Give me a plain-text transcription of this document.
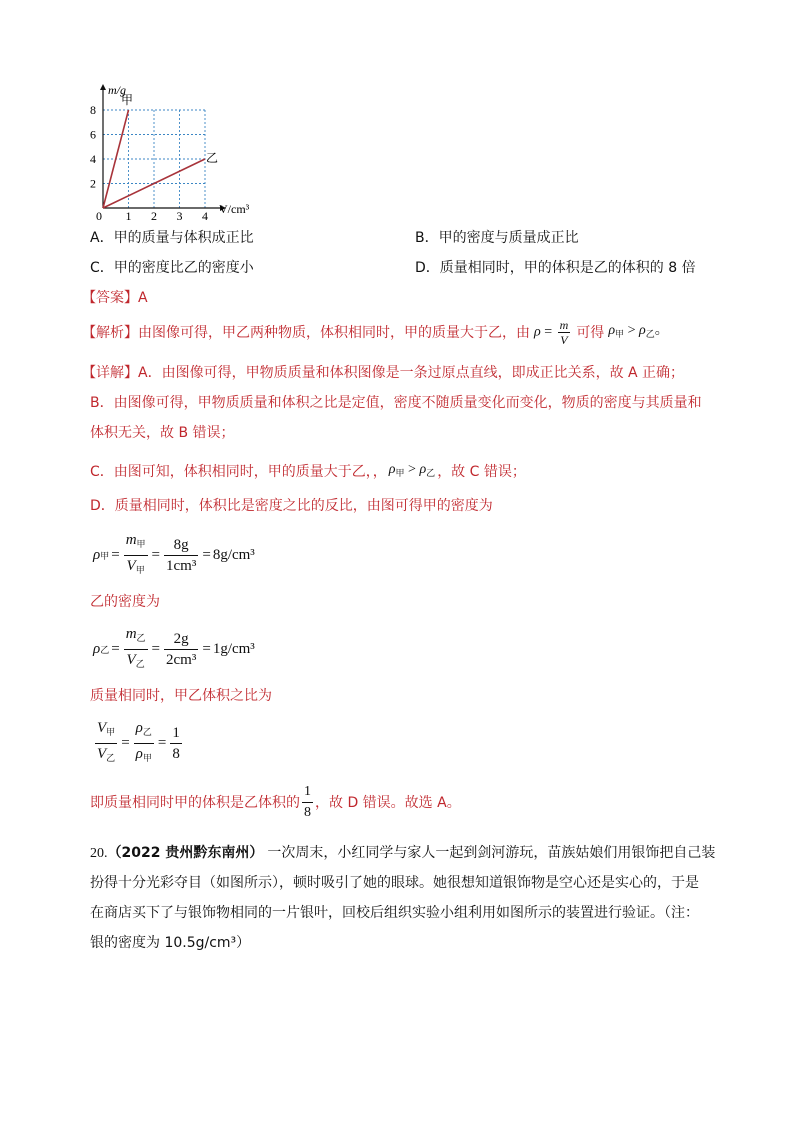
1 2 3 4
2
4
6
8
m/g
V/cm³
0
甲
乙
A．甲的质量与体积成正比	B．甲的密度与质量成正比
C．甲的密度比乙的密度小	D．质量相同时，甲的体积是乙的体积的 8 倍
【答案】A
【解析】 由图像可得，甲乙两种物质，体积相同时，甲的质量大于乙，由 $\rho = \frac{m}{V}$ 可得 $\rho_甲 > \rho_乙$。
【详解】A．由图像可得，甲物质质量和体积图像是一条过原点直线，即成正比关系，故 A 正确；
B．由图像可得，甲物质质量和体积之比是定值，密度不随质量变化而变化，物质的密度与其质量和
体积无关，故 B 错误；
C．由图可知，体积相同时，甲的质量大于乙，， $\rho_甲 > \rho_乙$ ，故 C 错误；
D．质量相同时，体积比是密度之比的反比，由图可得甲的密度为
ρ 甲 = $\frac{m_甲}{V_甲} = \frac{8g}{\text{1cm³}} = 8g/cm^3$
乙的密度为
ρ 乙 = $\frac{m_乙}{V_乙} = \frac{2g}{\text{2cm³}} = 1g/cm^3$
质量相同时，甲乙体积之比为
$\frac{V_甲}{V_乙} = \frac{\rho_乙}{\rho_甲} = \frac{1}{8}$
即质量相同时甲的体积是乙体积的 $\frac{1}{8}$ ，故 D 错误。故选 A。
20.（2022 贵州黔东南州） 一次周末，小红同学与家人一起到剑河游玩，苗族姑娘们用银饰把自己装
扮得十分光彩夺目（如图所示），顿时吸引了她的眼球。她很想知道银饰物是空心还是实心的，于是
在商店买下了与银饰物相同的一片银叶，回校后组织实验小组利用如图所示的装置进行验证。（注：
银的密度为 10.5g/cm³）
